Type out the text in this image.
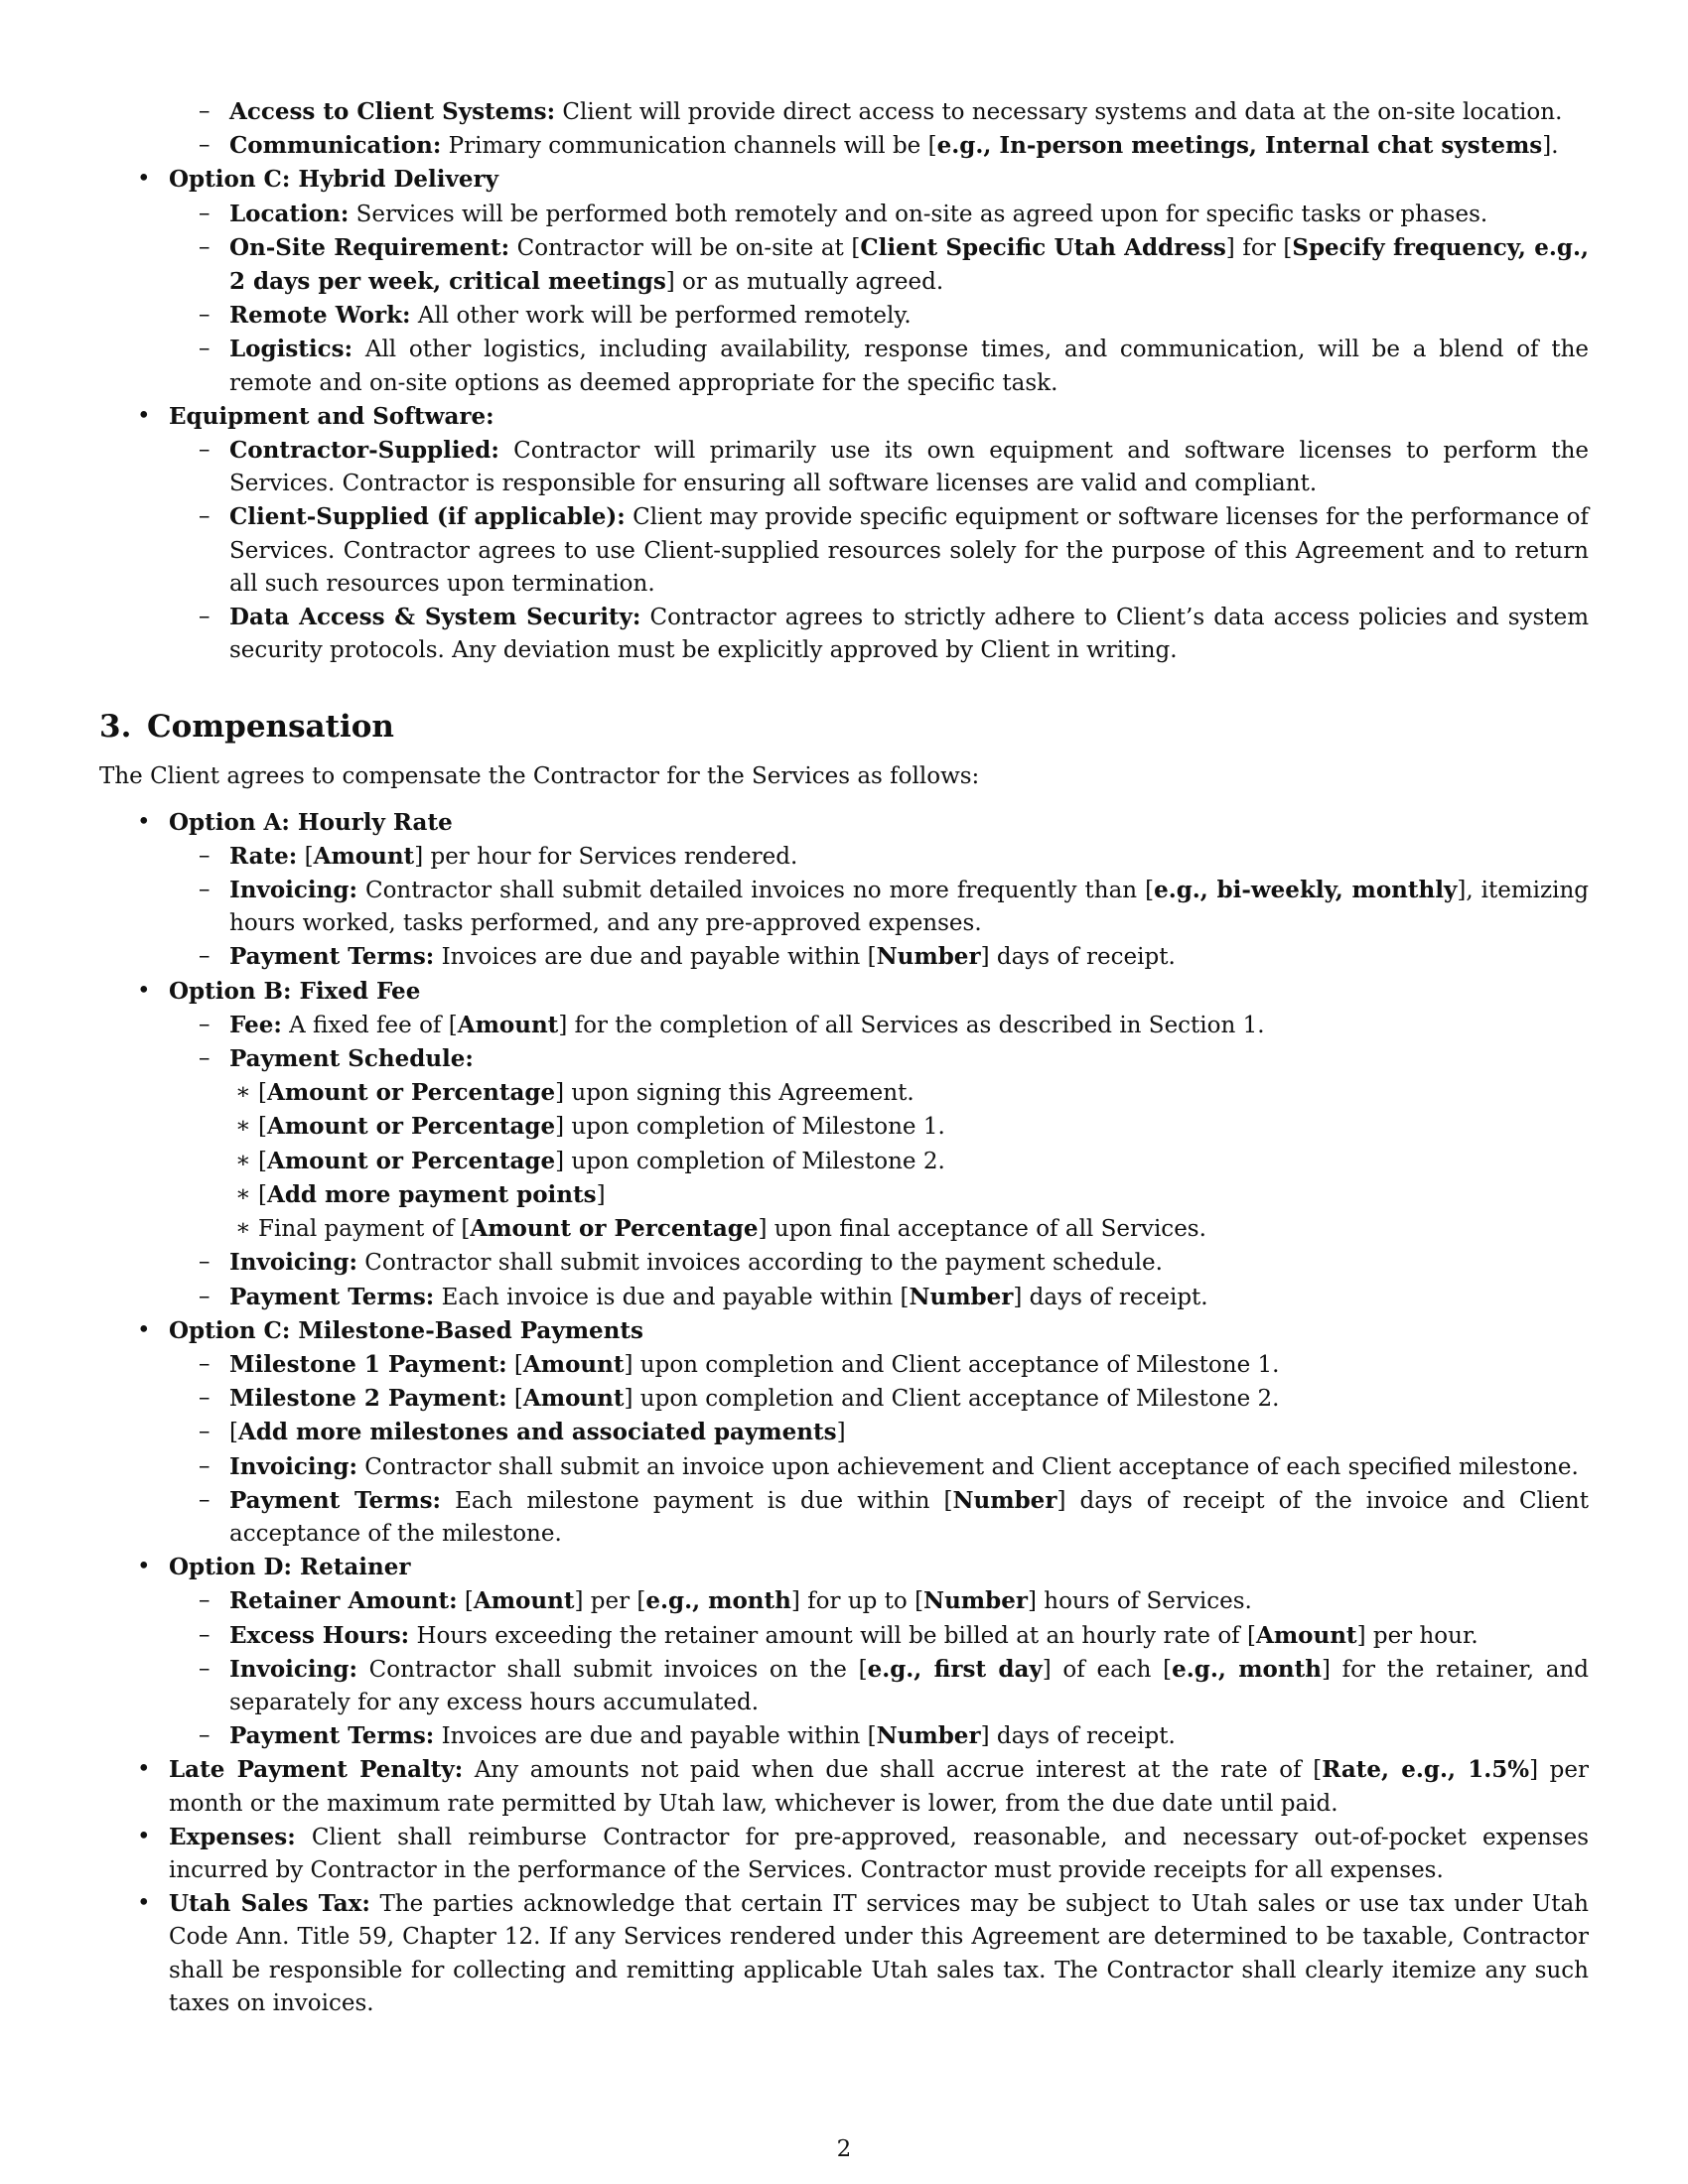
– Access to Client Systems: Client will provide direct access to necessary systems and data at the on-site location.
– Communication: Primary communication channels will be [e.g., In-person meetings, Internal chat systems].
• Option C: Hybrid Delivery
– Location: Services will be performed both remotely and on-site as agreed upon for specific tasks or phases.
– On-Site Requirement: Contractor will be on-site at [Client Specific Utah Address] for [Specify frequency, e.g., 2 days per week, critical meetings] or as mutually agreed.
– Remote Work: All other work will be performed remotely.
– Logistics: All other logistics, including availability, response times, and communication, will be a blend of the remote and on-site options as deemed appropriate for the specific task.
• Equipment and Software:
– Contractor-Supplied: Contractor will primarily use its own equipment and software licenses to perform the Services. Contractor is responsible for ensuring all software licenses are valid and compliant.
– Client-Supplied (if applicable): Client may provide specific equipment or software licenses for the performance of Services. Contractor agrees to use Client-supplied resources solely for the purpose of this Agreement and to return all such resources upon termination.
– Data Access & System Security: Contractor agrees to strictly adhere to Client’s data access policies and system security protocols. Any deviation must be explicitly approved by Client in writing.
3. Compensation
The Client agrees to compensate the Contractor for the Services as follows:
• Option A: Hourly Rate
– Rate: [Amount] per hour for Services rendered.
– Invoicing: Contractor shall submit detailed invoices no more frequently than [e.g., bi-weekly, monthly], itemizing hours worked, tasks performed, and any pre-approved expenses.
– Payment Terms: Invoices are due and payable within [Number] days of receipt.
• Option B: Fixed Fee
– Fee: A fixed fee of [Amount] for the completion of all Services as described in Section 1.
– Payment Schedule:
∗ [Amount or Percentage] upon signing this Agreement.
∗ [Amount or Percentage] upon completion of Milestone 1.
∗ [Amount or Percentage] upon completion of Milestone 2.
∗ [Add more payment points]
∗ Final payment of [Amount or Percentage] upon final acceptance of all Services.
– Invoicing: Contractor shall submit invoices according to the payment schedule.
– Payment Terms: Each invoice is due and payable within [Number] days of receipt.
• Option C: Milestone-Based Payments
– Milestone 1 Payment: [Amount] upon completion and Client acceptance of Milestone 1.
– Milestone 2 Payment: [Amount] upon completion and Client acceptance of Milestone 2.
– [Add more milestones and associated payments]
– Invoicing: Contractor shall submit an invoice upon achievement and Client acceptance of each specified milestone.
– Payment Terms: Each milestone payment is due within [Number] days of receipt of the invoice and Client acceptance of the milestone.
• Option D: Retainer
– Retainer Amount: [Amount] per [e.g., month] for up to [Number] hours of Services.
– Excess Hours: Hours exceeding the retainer amount will be billed at an hourly rate of [Amount] per hour.
– Invoicing: Contractor shall submit invoices on the [e.g., first day] of each [e.g., month] for the retainer, and separately for any excess hours accumulated.
– Payment Terms: Invoices are due and payable within [Number] days of receipt.
• Late Payment Penalty: Any amounts not paid when due shall accrue interest at the rate of [Rate, e.g., 1.5%] per month or the maximum rate permitted by Utah law, whichever is lower, from the due date until paid.
• Expenses: Client shall reimburse Contractor for pre-approved, reasonable, and necessary out-of-pocket expenses incurred by Contractor in the performance of the Services. Contractor must provide receipts for all expenses.
• Utah Sales Tax: The parties acknowledge that certain IT services may be subject to Utah sales or use tax under Utah Code Ann. Title 59, Chapter 12. If any Services rendered under this Agreement are determined to be taxable, Contractor shall be responsible for collecting and remitting applicable Utah sales tax. The Contractor shall clearly itemize any such taxes on invoices.
2
